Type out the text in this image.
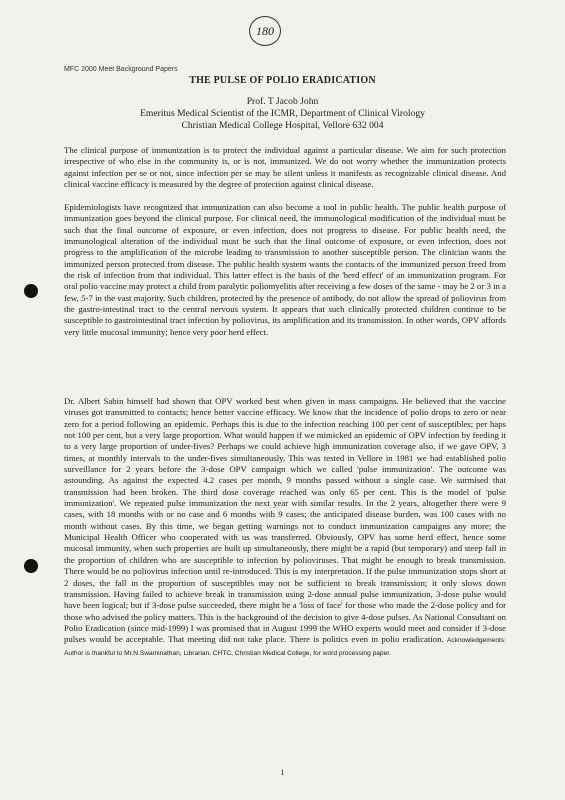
180
MFC 2000 Meet Background Papers
THE PULSE OF POLIO ERADICATION
Prof. T Jacob John
Emeritus Medical Scientist of the ICMR, Department of Clinical Virology
Christian Medical College Hospital, Vellore 632 004

The clinical purpose of immunization is to protect the individual against a particular disease. We aim for such protection irrespective of who else in the community is, or is not, immunized. We do not worry whether the immunization protects against infection per se or not, since infection per se may be silent unless it manifests as recognizable clinical disease. And clinical vaccine efficacy is measured by the degree of protection against clinical disease.

Epidemiologists have recognized that immunization can also become a tool in public health. The public health purpose of immunization goes beyond the clinical purpose. For clinical need, the immunological modification of the individual must be such that the final outcome of exposure, or even infection, does not progress to disease. For public health need, the immunological alteration of the individual must be such that the final outcome of exposure, or even infection, does not progress to the amplification of the microbe leading to transmission to another susceptible person. The clinician wants the immunized person protected from disease. The public health system wants the contacts of the immunized person freed from the risk of infection from that individual. This latter effect is the basis of the 'herd effect' of an immunization program. For oral polio vaccine may protect a child from paralytic poliomyelitis after receiving a few doses of the same - may be 2 or 3 in a few, 5-7 in the vast majority. Such children, protected by the presence of antibody, do not allow the spread of poliovirus from the gastro-intestinal tract to the central nervous system. It appears that such clinically protected children continue to be susceptible to gastrointestinal tract infection by poliovirus, its amplification and its transmission. In other words, OPV affords very little mucosal immunity; hence very poor herd effect.

Dr. Albert Sabin himself had shown that OPV worked best when given in mass campaigns. He believed that the vaccine viruses got transmitted to contacts; hence better vaccine efficacy. We know that the incidence of polio drops to zero or near zero for a period following an epidemic. Perhaps this is due to the infection reaching 100 per cent of susceptibles; per haps not 100 per cent, but a very large proportion. What would happen if we mimicked an epidemic of OPV infection by feeding it to a very large proportion of under-fives? Perhaps we could achieve high immunization coverage also, if we gave OPV, 3 times, at monthly intervals to the under-fives simultaneously. This was tested in Vellore in 1981 we had established polio surveillance for 2 years before the 3-dose OPV campaign which we called 'pulse immunization'. The outcome was astounding. As against the expected 4.2 cases per month, 9 months passed without a single case. We surmised that transmission had been broken. The third dose coverage reached was only 65 per cent. This is the model of 'pulse immunization'. We repeated pulse immunization the next year with similar results. In the 2 years, altogether there were 9 cases, with 18 months with or no case and 6 months with 9 cases; the anticipated disease burden, was 100 cases with no month without cases. By this time, we began getting warnings not to conduct immunization campaigns any more; the Municipal Health Officer who cooperated with us was transferred. Obviously, OPV has some herd effect, hence some mucosal immunity, when such properties are built up simultaneously, there might be a rapid (but temporary) and steep fall in the proportion of children who are susceptible to infection by polioviruses. That might be enough to break transmission. There would be no poliovirus infection until re-introduced. This is my interpretation. If the pulse immunization stops short at 2 doses, the fall in the proportion of susceptibles may not be sufficient to break transmission; it only slows down transmission. Having failed to achieve break in transmission using 2-dose annual pulse immunization, 3-dose pulse would have been logical; but if 3-dose pulse succeeded, there might be a 'loss of face' for those who made the 2-dose policy and for those who advised the policy matters. This is the background of the decision to give 4-dose pulses. As National Consultant on Polio Eradication (since mid-1999) I was promised that in August 1999 the WHO experts would meet and consider if 3-dose pulses would be acceptable. That meeting did not take place. There is politics even in polio eradication. Acknowledgements: Author is thankful to Mr.N.Swaminathan, Librarian, CHTC, Christian Medical College, for word processing paper.

1
